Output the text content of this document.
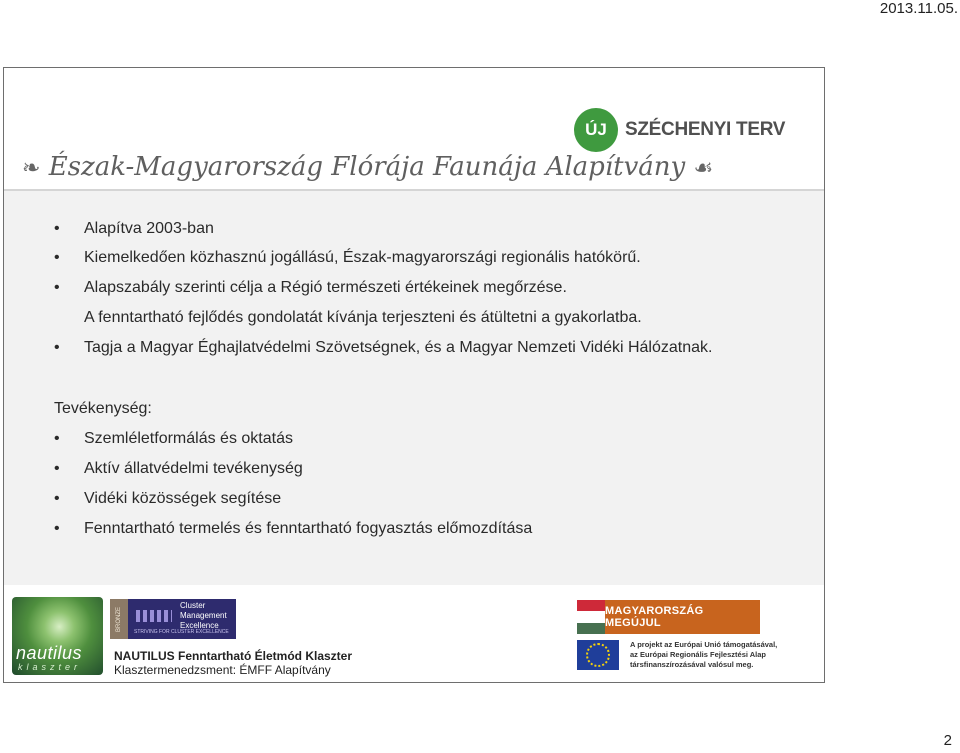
2013.11.05.
ÚJ SZÉCHENYI TERV
❧ Észak-Magyarország Flórája Faunája Alapítvány ☙
• Alapítva 2003-ban
• Kiemelkedően közhasznú jogállású, Észak-magyarországi regionális hatókörű.
• Alapszabály szerinti célja a Régió természeti értékeinek megőrzése.
A fenntartható fejlődés gondolatát kívánja terjeszteni és átültetni a gyakorlatba.
• Tagja a Magyar Éghajlatvédelmi Szövetségnek, és a Magyar Nemzeti Vidéki Hálózatnak.
Tevékenység:
• Szemléletformálás és oktatás
• Aktív állatvédelmi tevékenység
• Vidéki közösségek segítése
• Fenntartható termelés és fenntartható fogyasztás előmozdítása
nautilus
klaszter
BRONZE
Cluster
Management
Excellence
STRIVING FOR CLUSTER EXCELLENCE
NAUTILUS Fenntartható Életmód Klaszter
Klasztermenedzsment: ÉMFF Alapítvány
MAGYARORSZÁG MEGÚJUL
A projekt az Európai Unió támogatásával,
az Európai Regionális Fejlesztési Alap
társfinanszírozásával valósul meg.
2
